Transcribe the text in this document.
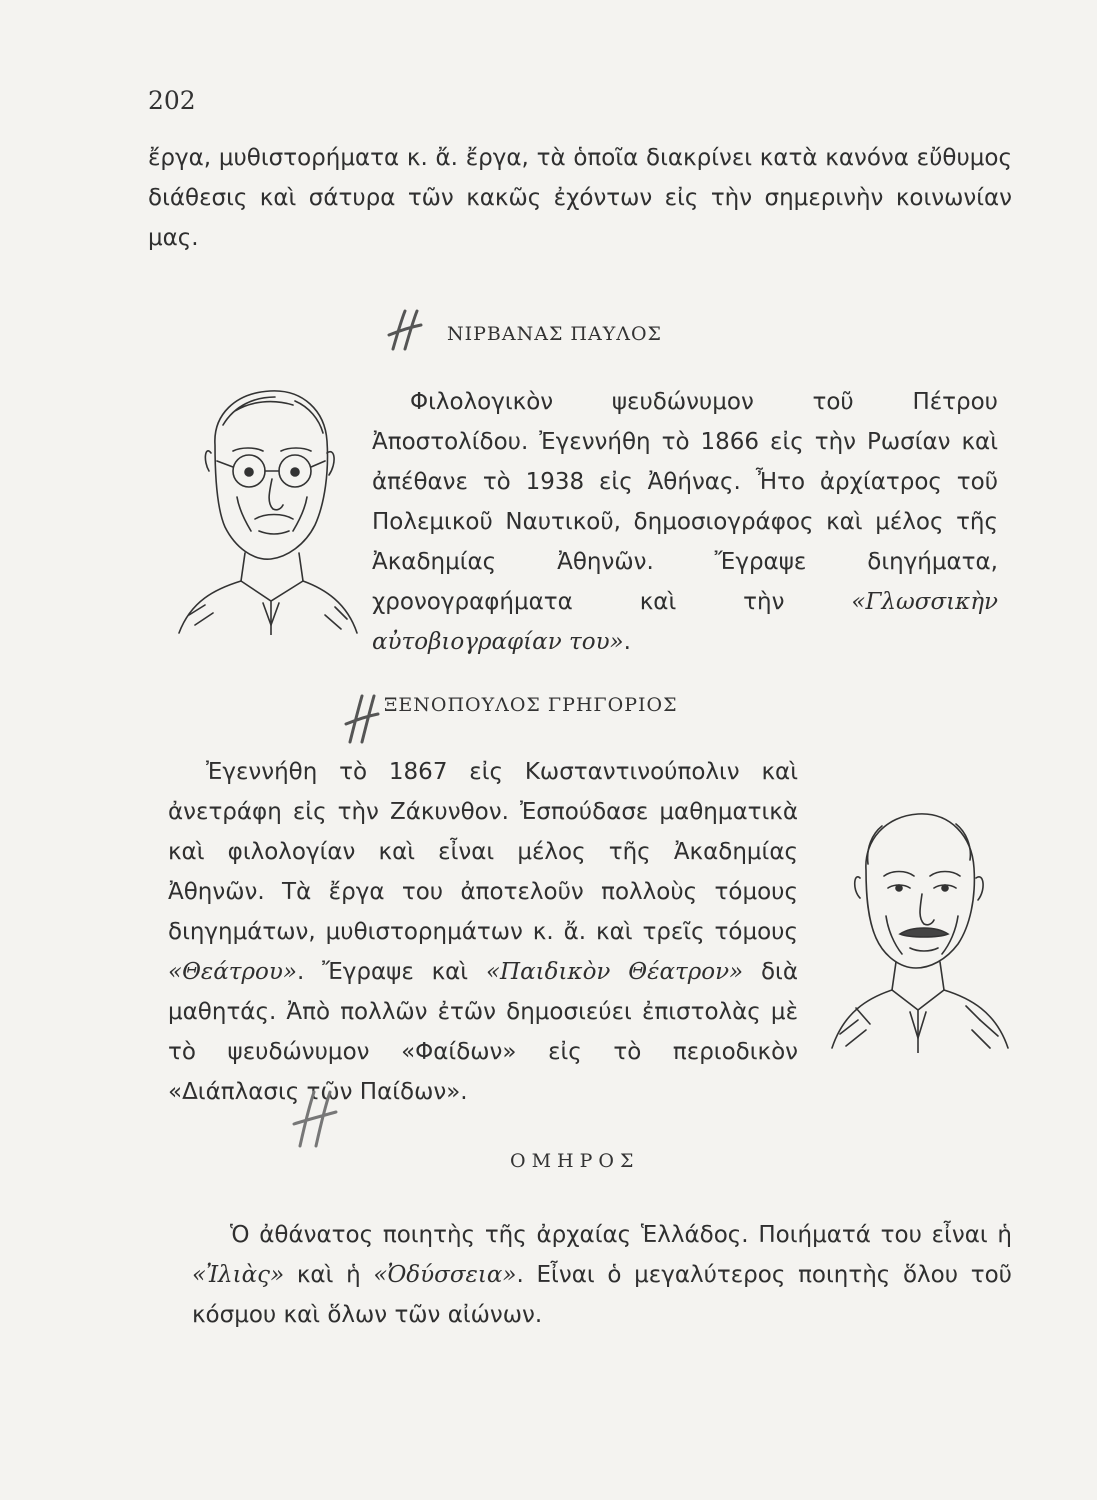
202

ἔργα, μυθιστορήματα κ. ἄ. ἔργα, τὰ ὁποῖα διακρίνει κατὰ κανόνα εὔθυμος διάθεσις καὶ σάτυρα τῶν κακῶς ἐχόντων εἰς τὴν σημερινὴν κοινωνίαν μας.

ΝΙΡΒΑΝΑΣ ΠΑΥΛΟΣ

Φιλολογικὸν ψευδώνυμον τοῦ Πέτρου Ἀποστολίδου. Ἐγεννήθη τὸ 1866 εἰς τὴν Ρωσίαν καὶ ἀπέθανε τὸ 1938 εἰς Ἀθήνας. Ἦτο ἀρχίατρος τοῦ Πολεμικοῦ Ναυτικοῦ, δημοσιογράφος καὶ μέλος τῆς Ἀκαδημίας Ἀθηνῶν. Ἔγραψε διηγήματα, χρονογραφήματα καὶ τὴν «Γλωσσικὴν αὐτοβιογραφίαν του».

ΞΕΝΟΠΟΥΛΟΣ ΓΡΗΓΟΡΙΟΣ

Ἐγεννήθη τὸ 1867 εἰς Κωσταντινούπολιν καὶ ἀνετράφη εἰς τὴν Ζάκυνθον. Ἐσπούδασε μαθηματικὰ καὶ φιλολογίαν καὶ εἶναι μέλος τῆς Ἀκαδημίας Ἀθηνῶν. Τὰ ἔργα του ἀποτελοῦν πολλοὺς τόμους διηγημάτων, μυθιστορημάτων κ. ἄ. καὶ τρεῖς τόμους «Θεάτρου». Ἔγραψε καὶ «Παιδικὸν Θέατρον» διὰ μαθητάς. Ἀπὸ πολλῶν ἐτῶν δημοσιεύει ἐπιστολὰς μὲ τὸ ψευδώνυμον «Φαίδων» εἰς τὸ περιοδικὸν «Διάπλασις τῶν Παίδων».

ΟΜΗΡΟΣ

Ὁ ἀθάνατος ποιητὴς τῆς ἀρχαίας Ἑλλάδος. Ποιήματά του εἶναι ἡ «Ἰλιὰς» καὶ ἡ «Ὀδύσσεια». Εἶναι ὁ μεγαλύτερος ποιητὴς ὅλου τοῦ κόσμου καὶ ὅλων τῶν αἰώνων.
